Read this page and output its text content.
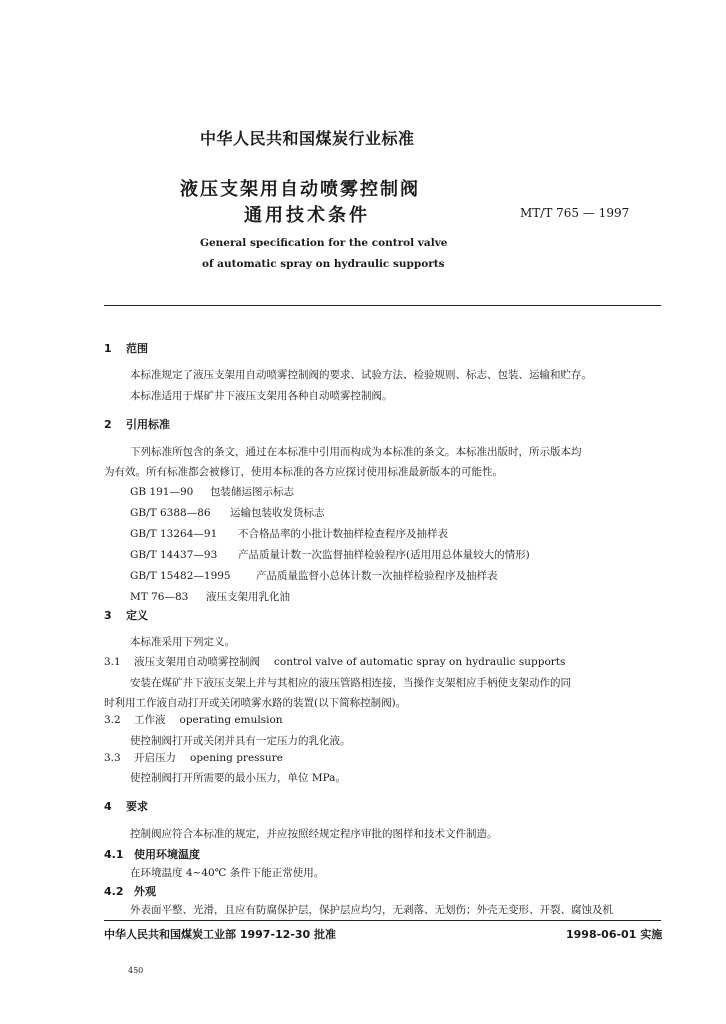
中华人民共和国煤炭行业标准
液压支架用自动喷雾控制阀
通用技术条件	MT/T 765 — 1997
General specification for the control valve
of automatic spray on hydraulic supports
1 范围
本标准规定了液压支架用自动喷雾控制阀的要求、试验方法、检验规则、标志、包装、运输和贮存。
本标准适用于煤矿井下液压支架用各种自动喷雾控制阀。
2 引用标准
下列标准所包含的条文，通过在本标准中引用而构成为本标准的条文。本标准出版时，所示版本均
为有效。所有标准都会被修订，使用本标准的各方应探讨使用标准最新版本的可能性。
GB 191—90 包装储运图示标志
GB/T 6388—86 运输包装收发货标志
GB/T 13264—91 不合格品率的小批计数抽样检查程序及抽样表
GB/T 14437—93 产品质量计数一次监督抽样检验程序(适用用总体量较大的情形)
GB/T 15482—1995 产品质量监督小总体计数一次抽样检验程序及抽样表
MT 76—83 液压支架用乳化油
3 定义
本标准采用下列定义。
3.1 液压支架用自动喷雾控制阀 control valve of automatic spray on hydraulic supports
安装在煤矿井下液压支架上并与其相应的液压管路相连接，当操作支架相应手柄使支架动作的同
时利用工作液自动打开或关闭喷雾水路的装置(以下简称控制阀)。
3.2 工作液 operating emulsion
使控制阀打开或关闭并具有一定压力的乳化液。
3.3 开启压力 opening pressure
使控制阀打开所需要的最小压力，单位 MPa。
4 要求
控制阀应符合本标准的规定，并应按照经规定程序审批的图样和技术文件制造。
4.1 使用环境温度
在环境温度 4~40℃ 条件下能正常使用。
4.2 外观
外表面平整、光滑，且应有防腐保护层，保护层应均匀，无剥落、无划伤；外壳无变形、开裂、腐蚀及机
中华人民共和国煤炭工业部 1997-12-30 批准	1998-06-01 实施
450
